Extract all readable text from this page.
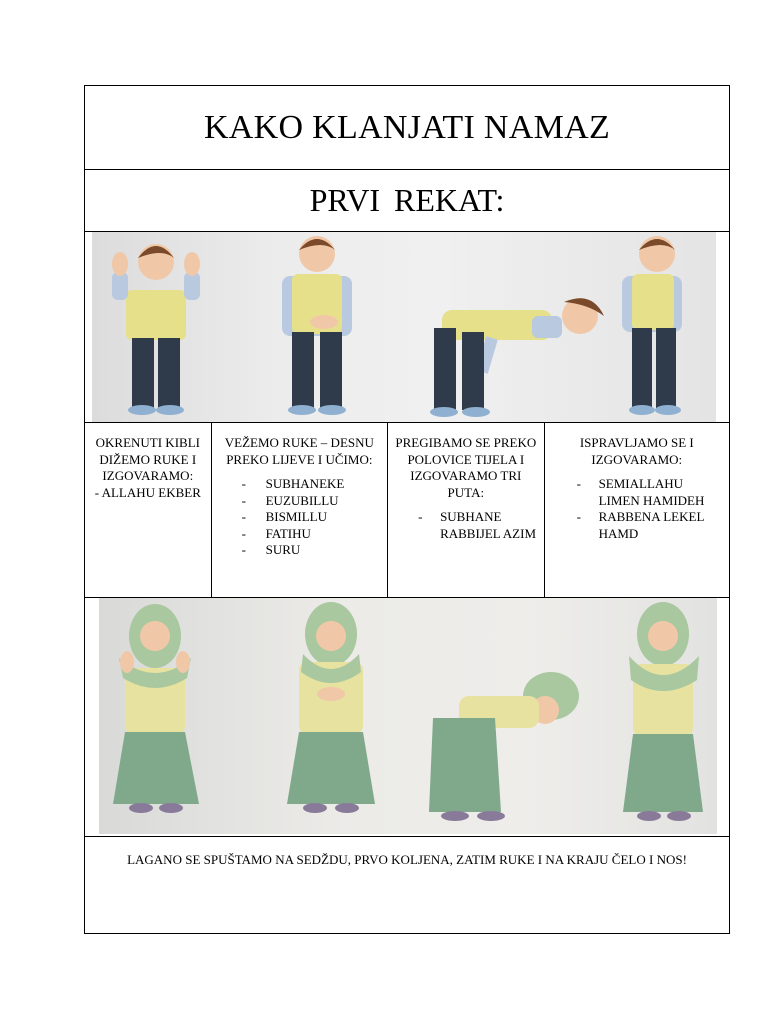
KAKO KLANJATI NAMAZ
PRVI REKAT:
OKRENUTI KIBLI DIŽEMO RUKE I IZGOVARAMO:
- ALLAHU EKBER
VEŽEMO RUKE – DESNU PREKO LIJEVE I UČIMO:
- SUBHANEKE
- EUZUBILLU
- BISMILLU
- FATIHU
- SURU
PREGIBAMO SE PREKO POLOVICE TIJELA I IZGOVARAMO TRI PUTA:
- SUBHANE RABBIJEL AZIM
ISPRAVLJAMO SE I IZGOVARAMO:
- SEMIALLAHU LIMEN HAMIDEH
- RABBENA LEKEL HAMD
LAGANO SE SPUŠTAMO NA SEDŽDU, PRVO KOLJENA, ZATIM RUKE I NA KRAJU ČELO I NOS!
